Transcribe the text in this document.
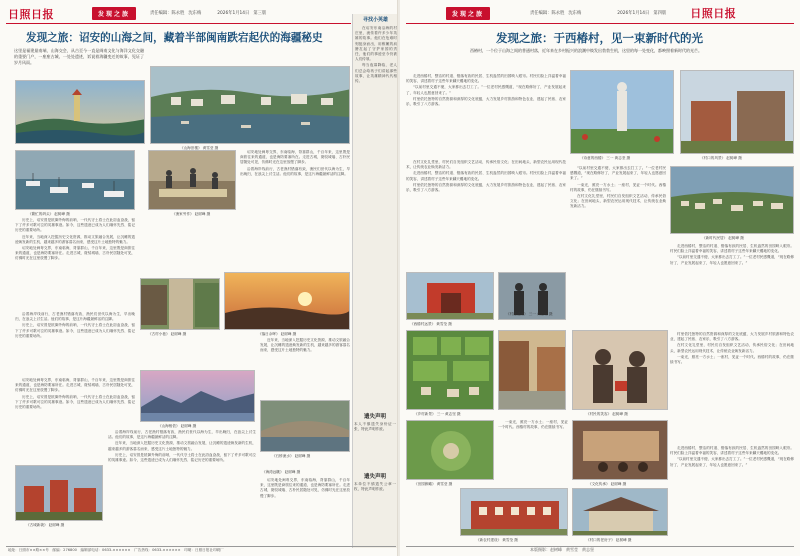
发现之旅	责任编辑：陈永胜 沈东梅	2026年1月14日 第三版
发现之旅：诏安的山海之间，藏着半部闽南跌宕起伏的海疆秘史
这里是福建最南端，山海交会，从古至今一直是闽南文化与海洋文化交融的重要门户，一座座古城、一处处遗迹，诉说着海疆变迁的故事，见证了岁月风雨。
《山海崇楼》 黄雪莹 摄
《繁忙的码头》 赵树峰 摄	《渔家劳作》 赵树峰 摄

诏安地处闽粤交界，东南临海，背靠群山，千百年来，这里既是商旅往来的通道，也是海防要塞所在。走进古城，斑驳城墙、古朴民居随处可见，仿佛时光在这里放慢了脚步。

沿着海岸线前行，古老渔村错落有致，渔民们世代以海为生，早出晚归，在浪尖上讨生活。他们的故事，是这片海疆最鲜活的注脚。

历史上，诏安曾是抵御外侮的前哨，一代代守土将士在此浴血奋战，留下了许多可歌可泣的英雄事迹。如今，这些遗迹已成为人们缅怀先烈、铭记历史的重要场所。

近年来，当地深入挖掘历史文化资源，推动文旅融合发展，让沉睡的遗迹焕发新的生机，越来越多的游客慕名而来，感受这片土地独特的魅力。

诏安地处闽粤交界，东南临海，背靠群山，千百年来，这里既是商旅往来的通道，也是海防要塞所在。走进古城，斑驳城墙、古朴民居随处可见，仿佛时光在这里放慢了脚步。

《古村小巷》 赵树峰 摄	《落日余晖》 赵树峰 摄

沿着海岸线前行，古老渔村错落有致，渔民们世代以海为生，早出晚归，在浪尖上讨生活。他们的故事，是这片海疆最鲜活的注脚。

历史上，诏安曾是抵御外侮的前哨，一代代守土将士在此浴血奋战，留下了许多可歌可泣的英雄事迹。如今，这些遗迹已成为人们缅怀先烈、铭记历史的重要场所。

《山海相依》 赵树峰 摄

近年来，当地深入挖掘历史文化资源，推动文旅融合发展，让沉睡的遗迹焕发新的生机，越来越多的游客慕名而来，感受这片土地独特的魅力。

《石桥流水》 赵树峰 摄
《古城新貌》 赵树峰 摄

诏安地处闽粤交界，东南临海，背靠群山，千百年来，这里既是商旅往来的通道，也是海防要塞所在。走进古城，斑驳城墙、古朴民居随处可见，仿佛时光在这里放慢了脚步。

历史上，诏安曾是抵御外侮的前哨，一代代守土将士在此浴血奋战，留下了许多可歌可泣的英雄事迹。如今，这些遗迹已成为人们缅怀先烈、铭记历史的重要场所。

沿着海岸线前行，古老渔村错落有致，渔民们世代以海为生，早出晚归，在浪尖上讨生活。他们的故事，是这片海疆最鲜活的注脚。

近年来，当地深入挖掘历史文化资源，推动文旅融合发展，让沉睡的遗迹焕发新的生机，越来越多的游客慕名而来，感受这片土地独特的魅力。

历史上，诏安曾是抵御外侮的前哨，一代代守土将士在此浴血奋战，留下了许多可歌可泣的英雄事迹。如今，这些遗迹已成为人们缅怀先烈、铭记历史的重要场所。

《海湾远眺》 赵树峰 摄

诏安地处闽粤交界，东南临海，背靠群山，千百年来，这里既是商旅往来的通道，也是海防要塞所在。走进古城，斑驳城墙、古朴民居随处可见，仿佛时光在这里放慢了脚步。

寻找小英雄

在诏安东南沿海的村庄里，流传着许多少年英雄的故事。他们在危难时刻挺身而出，用稚嫩的肩膀扛起了守护家园的责任，他们的事迹至今仍被人们传颂。

每当夜幕降临，老人们总会给孩子们讲起那些故事，让英雄精神代代相传。

遗失声明
本人不慎遗失身份证一张，特此声明作废。
遗失声明
本单位不慎遗失公章一枚，特此声明作废。
地址：日照市××路××号　邮编：276800　编辑部电话：0633-××××××　广告热线：0633-××××××　印刷：日照日报社印刷厂
发现之旅	责任编辑：陈永胜 沈东梅	2026年1月14日 第四版 日照日报
发现之旅：于西椿村，见一束新时代的光
西椿村，一个位于山海之间的普通村落，近年来在乡村振兴的浪潮中焕发出勃勃生机，这里的每一处变化，都映照着新时代的光芒。

走进西椿村，整洁的村道、错落有致的民居、生机盎然的田园映入眼帘。村民们脸上洋溢着幸福的笑容，讲述着村子这些年来翻天覆地的变化。

“以前村里交通不便，大家都出去打工了。”一位老村民感慨道，“现在路修好了，产业发展起来了，年轻人也愿意回来了。”

村里依托独特的自然资源和深厚的文化底蕴，大力发展乡村旅游和特色农业，建起了民宿、农家乐，吸引了八方游客。

《诗意的西椿》 三一 黄志坚 摄	《村口的风景》 赵树峰 摄

在村文化礼堂里，村民们自发组织文艺活动，传承民俗文化；在田间地头，新型农民运用现代技术，让传统农业焕发新活力。

走进西椿村，整洁的村道、错落有致的民居、生机盎然的田园映入眼帘。村民们脸上洋溢着幸福的笑容，讲述着村子这些年来翻天覆地的变化。

村里依托独特的自然资源和深厚的文化底蕴，大力发展乡村旅游和特色农业，建起了民宿、农家乐，吸引了八方游客。

《新时代民居》 赵树峰 摄

“以前村里交通不便，大家都出去打工了。”一位老村民感慨道，“现在路修好了，产业发展起来了，年轻人也愿意回来了。”

一束光，照亮一方水土；一座村，见证一个时代。西椿村的故事，仍在继续书写。

在村文化礼堂里，村民们自发组织文艺活动，传承民俗文化；在田间地头，新型农民运用现代技术，让传统农业焕发新活力。

《西椿村远景》 黄雪莹 摄

走进西椿村，整洁的村道、错落有致的民居、生机盎然的田园映入眼帘。村民们脸上洋溢着幸福的笑容，讲述着村子这些年来翻天覆地的变化。

“以前村里交通不便，大家都出去打工了。”一位老村民感慨道，“现在路修好了，产业发展起来了，年轻人也愿意回来了。”

《乡村新景》 三一 黄志坚 摄
《村道通幽》 三一 黄志坚 摄
《村民的笑容》 赵树峰 摄

村里依托独特的自然资源和深厚的文化底蕴，大力发展乡村旅游和特色农业，建起了民宿、农家乐，吸引了八方游客。

在村文化礼堂里，村民们自发组织文艺活动，传承民俗文化；在田间地头，新型农民运用现代技术，让传统农业焕发新活力。

一束光，照亮一方水土；一座村，见证一个时代。西椿村的故事，仍在继续书写。

《田园俯瞰》 黄雪莹 摄

一束光，照亮一方水土；一座村，见证一个时代。西椿村的故事，仍在继续书写。

《新农村建设》 黄雪莹 摄
《文化传承》 赵树峰 摄
《村口的老房子》 赵树峰 摄

走进西椿村，整洁的村道、错落有致的民居、生机盎然的田园映入眼帘。村民们脸上洋溢着幸福的笑容，讲述着村子这些年来翻天覆地的变化。

“以前村里交通不便，大家都出去打工了。”一位老村民感慨道，“现在路修好了，产业发展起来了，年轻人也愿意回来了。”

本版摄影：赵树峰　黄雪莹　黄志坚
日照日报
